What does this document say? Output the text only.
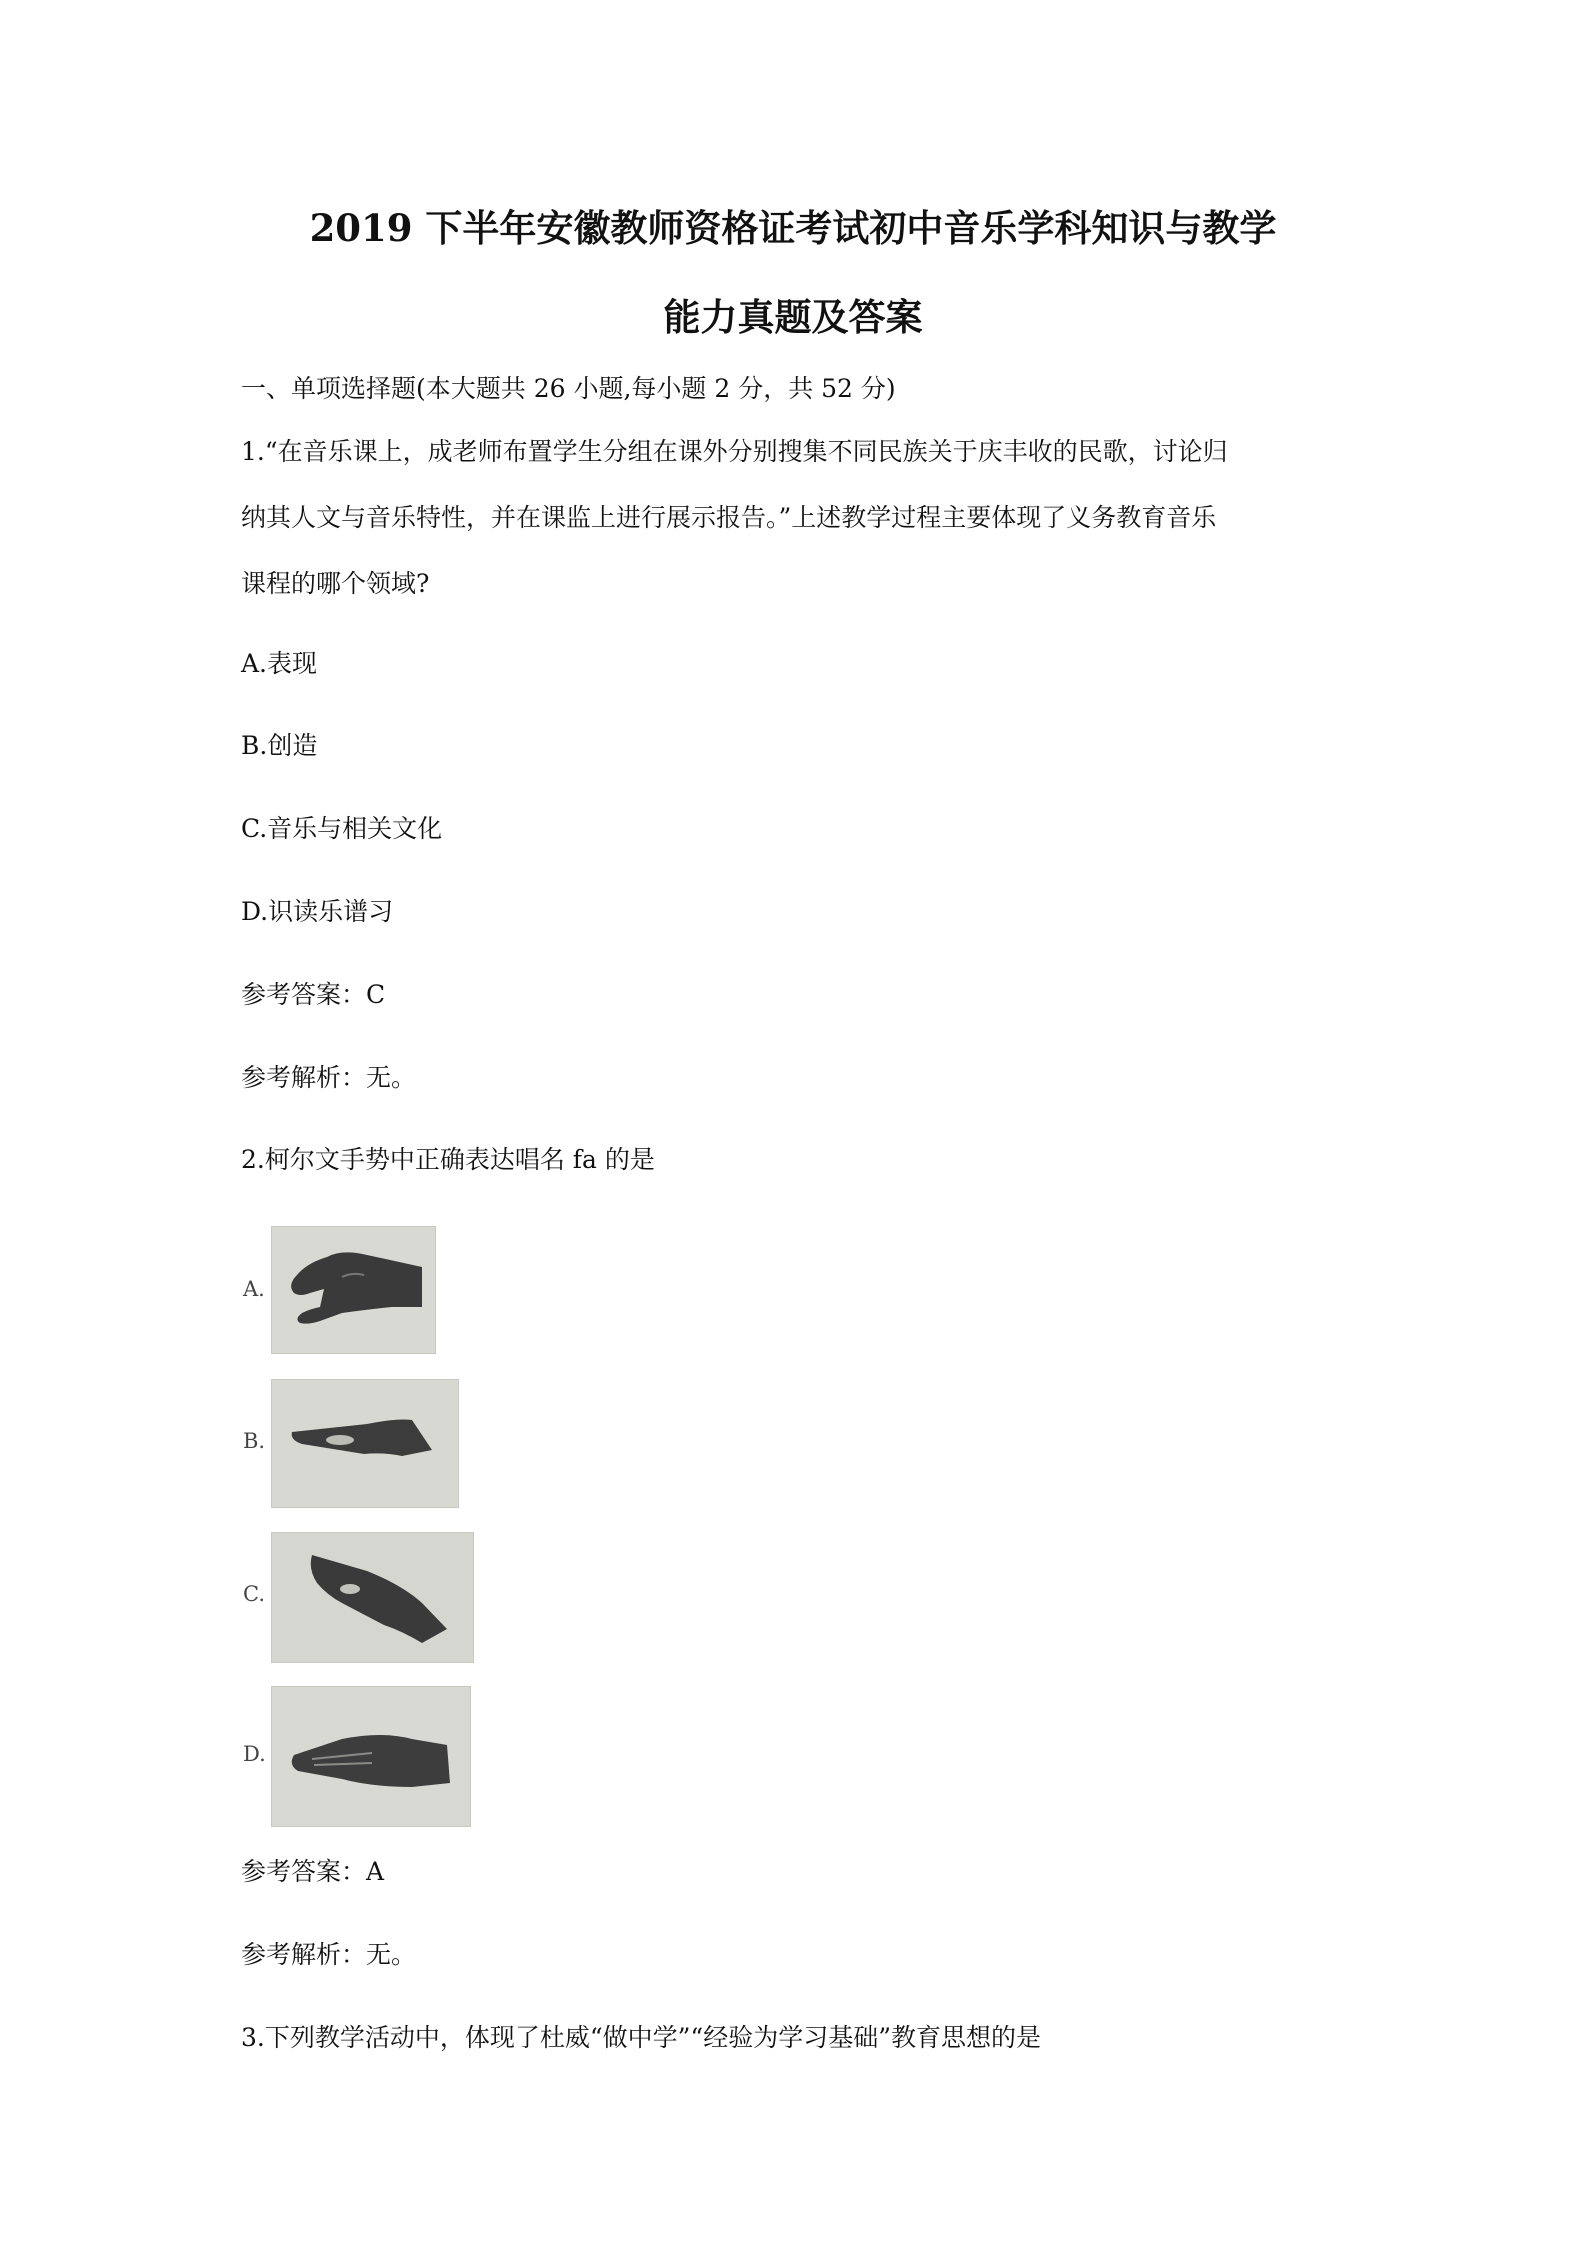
2019 下半年安徽教师资格证考试初中音乐学科知识与教学
能力真题及答案

一、单项选择题(本大题共 26 小题,每小题 2 分，共 52 分)

1.“在音乐课上，成老师布置学生分组在课外分别搜集不同民族关于庆丰收的民歌，讨论归

纳其人文与音乐特性，并在课监上进行展示报告。”上述教学过程主要体现了义务教育音乐

课程的哪个领域?

A.表现

B.创造

C.音乐与相关文化

D.识读乐谱习

参考答案：C

参考解析：无。

2.柯尔文手势中正确表达唱名 fa 的是

A.
B.
C.
D.

参考答案：A

参考解析：无。

3.下列教学活动中，体现了杜威“做中学”“经验为学习基础”教育思想的是
